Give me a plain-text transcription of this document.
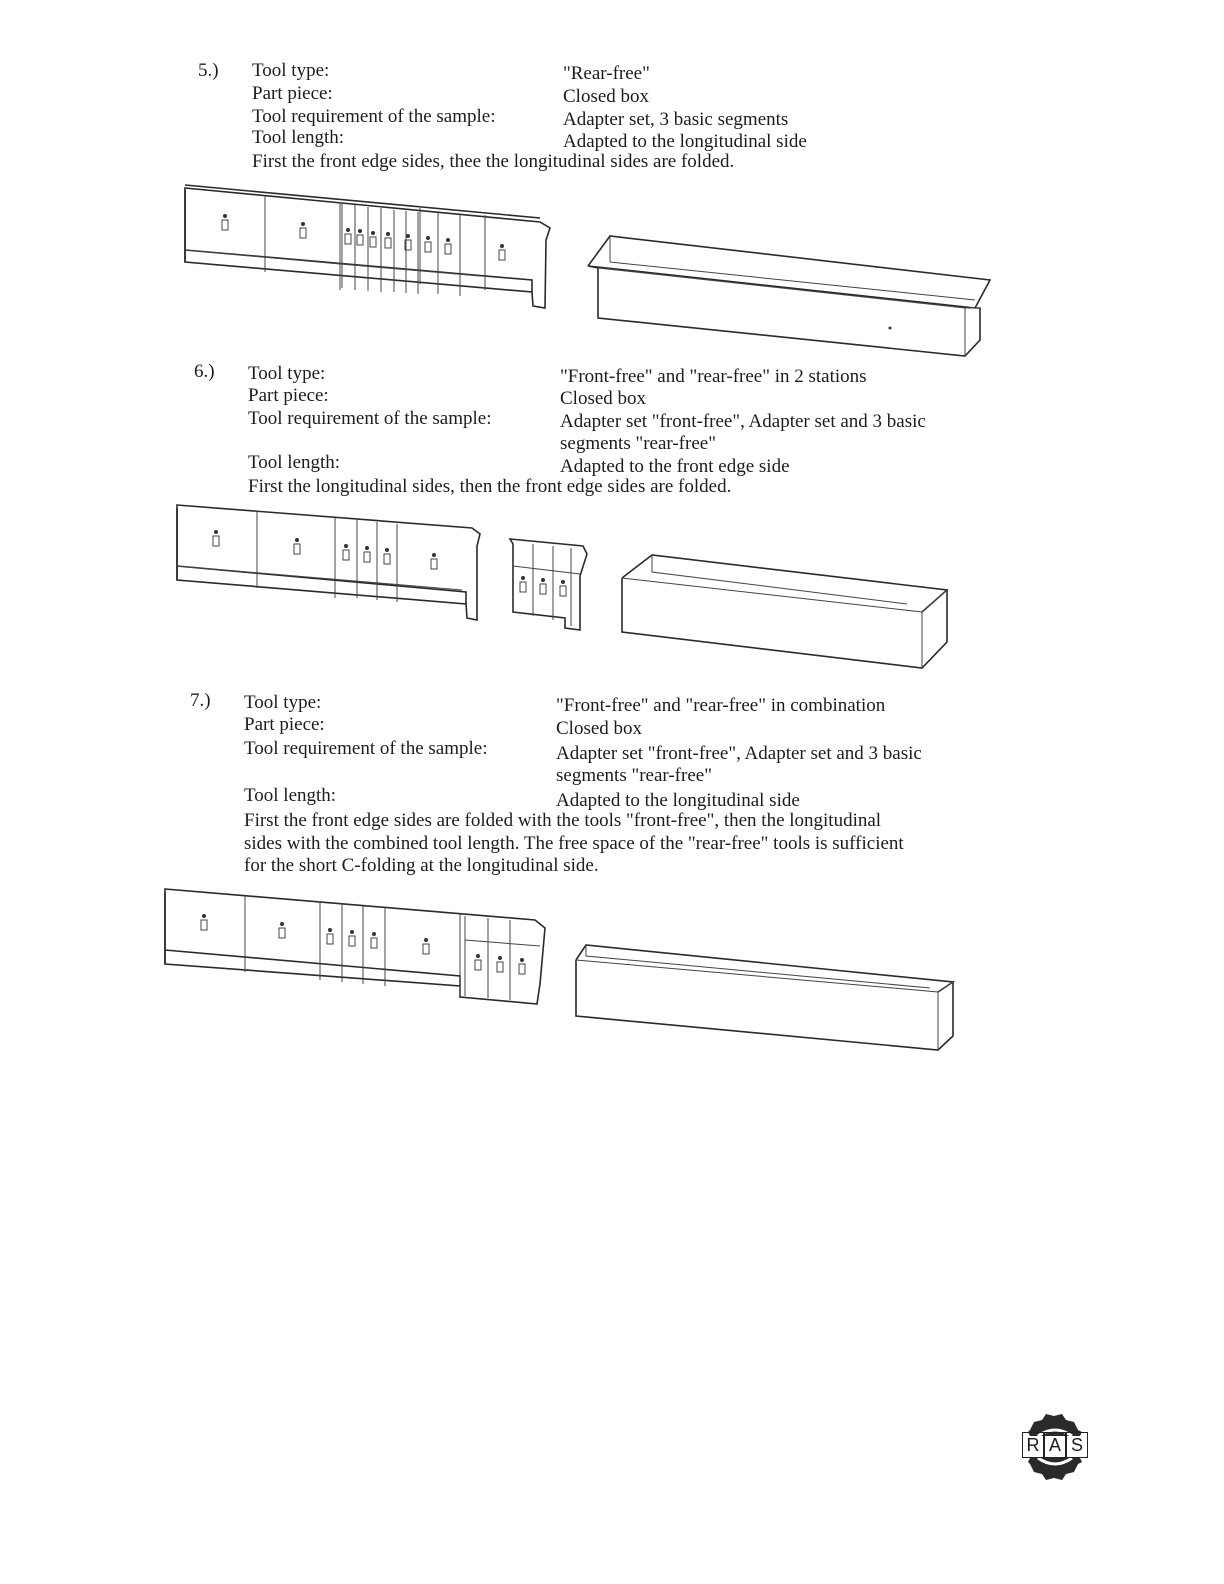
5.) Tool type:	"Rear-free"
Part piece:	Closed box
Tool requirement of the sample:	Adapter set, 3 basic segments
Tool length:	Adapted to the longitudinal side
First the front edge sides, thee the longitudinal sides are folded.
6.) Tool type:	"Front-free" and "rear-free" in 2 stations
Part piece:	Closed box
Tool requirement of the sample:	Adapter set "front-free", Adapter set and 3 basic
segments "rear-free"
Tool length:	Adapted to the front edge side
First the longitudinal sides, then the front edge sides are folded.
7.) Tool type:	"Front-free" and "rear-free" in combination
Part piece:	Closed box
Tool requirement of the sample:	Adapter set "front-free", Adapter set and 3 basic
segments "rear-free"
Tool length:	Adapted to the longitudinal side
First the front edge sides are folded with the tools "front-free", then the longitudinal
sides with the combined tool length. The free space of the "rear-free" tools is sufficient
for the short C-folding at the longitudinal side.
R A S
